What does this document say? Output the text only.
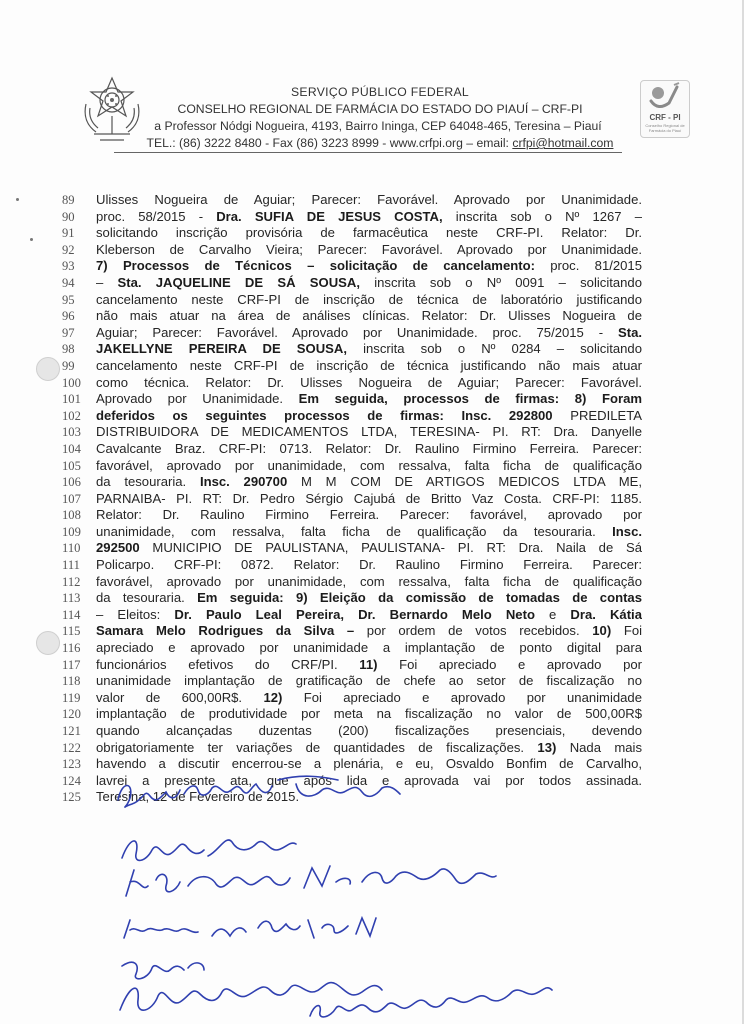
SERVIÇO PÚBLICO FEDERAL
CONSELHO REGIONAL DE FARMÁCIA DO ESTADO DO PIAUÍ – CRF-PI
a Professor Nódgi Nogueira, 4193, Bairro Ininga, CEP 64048-465, Teresina – Piauí
TEL.: (86) 3222 8480 - Fax (86) 3223 8999 - www.crfpi.org – email: crfpi@hotmail.com
CRF - PI
Conselho Regional de Farmácia do Piauí
89	Ulisses Nogueira de Aguiar; Parecer: Favorável. Aprovado por Unanimidade.
90	proc. 58/2015 - Dra. SUFIA DE JESUS COSTA, inscrita sob o Nº 1267 –
91	solicitando inscrição provisória de farmacêutica neste CRF-PI. Relator: Dr.
92	Kleberson de Carvalho Vieira; Parecer: Favorável. Aprovado por Unanimidade.
93	7) Processos de Técnicos – solicitação de cancelamento: proc. 81/2015
94	– Sta. JAQUELINE DE SÁ SOUSA, inscrita sob o Nº 0091 – solicitando
95	cancelamento neste CRF-PI de inscrição de técnica de laboratório justificando
96	não mais atuar na área de análises clínicas. Relator: Dr. Ulisses Nogueira de
97	Aguiar; Parecer: Favorável. Aprovado por Unanimidade. proc. 75/2015 - Sta.
98	JAKELLYNE PEREIRA DE SOUSA, inscrita sob o Nº 0284 – solicitando
99	cancelamento neste CRF-PI de inscrição de técnica justificando não mais atuar
100	como técnica. Relator: Dr. Ulisses Nogueira de Aguiar; Parecer: Favorável.
101	Aprovado por Unanimidade. Em seguida, processos de firmas: 8) Foram
102	deferidos os seguintes processos de firmas: Insc. 292800 PREDILETA
103	DISTRIBUIDORA DE MEDICAMENTOS LTDA, TERESINA- PI. RT: Dra. Danyelle
104	Cavalcante Braz. CRF-PI: 0713. Relator: Dr. Raulino Firmino Ferreira. Parecer:
105	favorável, aprovado por unanimidade, com ressalva, falta ficha de qualificação
106	da tesouraria. Insc. 290700 M M COM DE ARTIGOS MEDICOS LTDA ME,
107	PARNAIBA- PI. RT: Dr. Pedro Sérgio Cajubá de Britto Vaz Costa. CRF-PI: 1185.
108	Relator: Dr. Raulino Firmino Ferreira. Parecer: favorável, aprovado por
109	unanimidade, com ressalva, falta ficha de qualificação da tesouraria. Insc.
110	292500 MUNICIPIO DE PAULISTANA, PAULISTANA- PI. RT: Dra. Naila de Sá
111	Policarpo. CRF-PI: 0872. Relator: Dr. Raulino Firmino Ferreira. Parecer:
112	favorável, aprovado por unanimidade, com ressalva, falta ficha de qualificação
113	da tesouraria. Em seguida: 9) Eleição da comissão de tomadas de contas
114	– Eleitos: Dr. Paulo Leal Pereira, Dr. Bernardo Melo Neto e Dra. Kátia
115	Samara Melo Rodrigues da Silva – por ordem de votos recebidos. 10) Foi
116	apreciado e aprovado por unanimidade a implantação de ponto digital para
117	funcionários efetivos do CRF/PI. 11) Foi apreciado e aprovado por
118	unanimidade implantação de gratificação de chefe ao setor de fiscalização no
119	valor de 600,00R$. 12) Foi apreciado e aprovado por unanimidade
120	implantação de produtividade por meta na fiscalização no valor de 500,00R$
121	quando alcançadas duzentas (200) fiscalizações presenciais, devendo
122	obrigatoriamente ter variações de quantidades de fiscalizações. 13) Nada mais
123	havendo a discutir encerrou-se a plenária, e eu, Osvaldo Bonfim de Carvalho,
124	lavrei a presente ata, que após lida e aprovada vai por todos assinada.
125	Teresina, 12 de Fevereiro de 2015.
